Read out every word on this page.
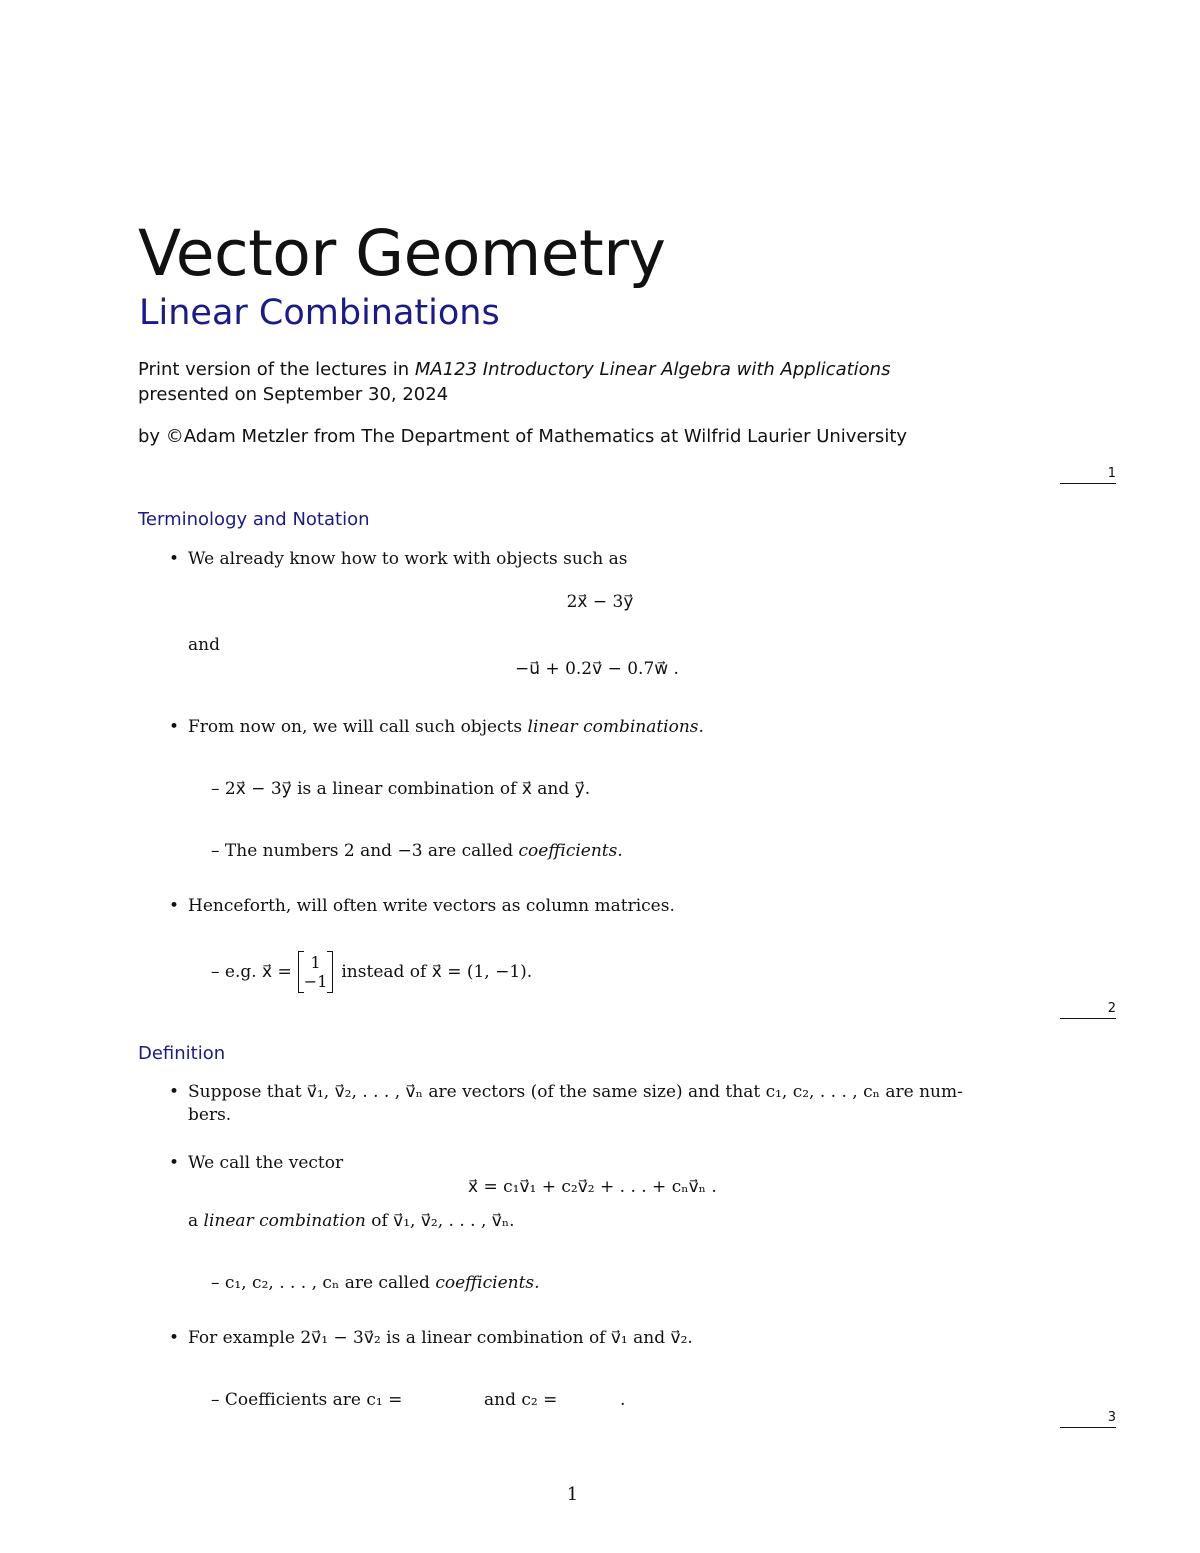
Vector Geometry
Linear Combinations
Print version of the lectures in MA123 Introductory Linear Algebra with Applications
presented on September 30, 2024
by ©Adam Metzler from The Department of Mathematics at Wilfrid Laurier University
1
2
3
Terminology and Notation
• We already know how to work with objects such as
2x⃗ − 3y⃗
and
−u⃗ + 0.2v⃗ − 0.7w⃗ .
• From now on, we will call such objects linear combinations.
– 2x⃗ − 3y⃗ is a linear combination of x⃗ and y⃗.
– The numbers 2 and −3 are called coefficients.
• Henceforth, will often write vectors as column matrices.
– e.g. x⃗ =	1
−1 instead of x⃗ = (1, −1).
Definition
• Suppose that v⃗₁, v⃗₂, . . . , v⃗ₙ are vectors (of the same size) and that c₁, c₂, . . . , cₙ are num-
bers.
• We call the vector
x⃗ = c₁v⃗₁ + c₂v⃗₂ + . . . + cₙv⃗ₙ .
a linear combination of v⃗₁, v⃗₂, . . . , v⃗ₙ.
– c₁, c₂, . . . , cₙ are called coefficients.
• For example 2v⃗₁ − 3v⃗₂ is a linear combination of v⃗₁ and v⃗₂.
– Coefficients are c₁ =	and c₂ =	.
1
